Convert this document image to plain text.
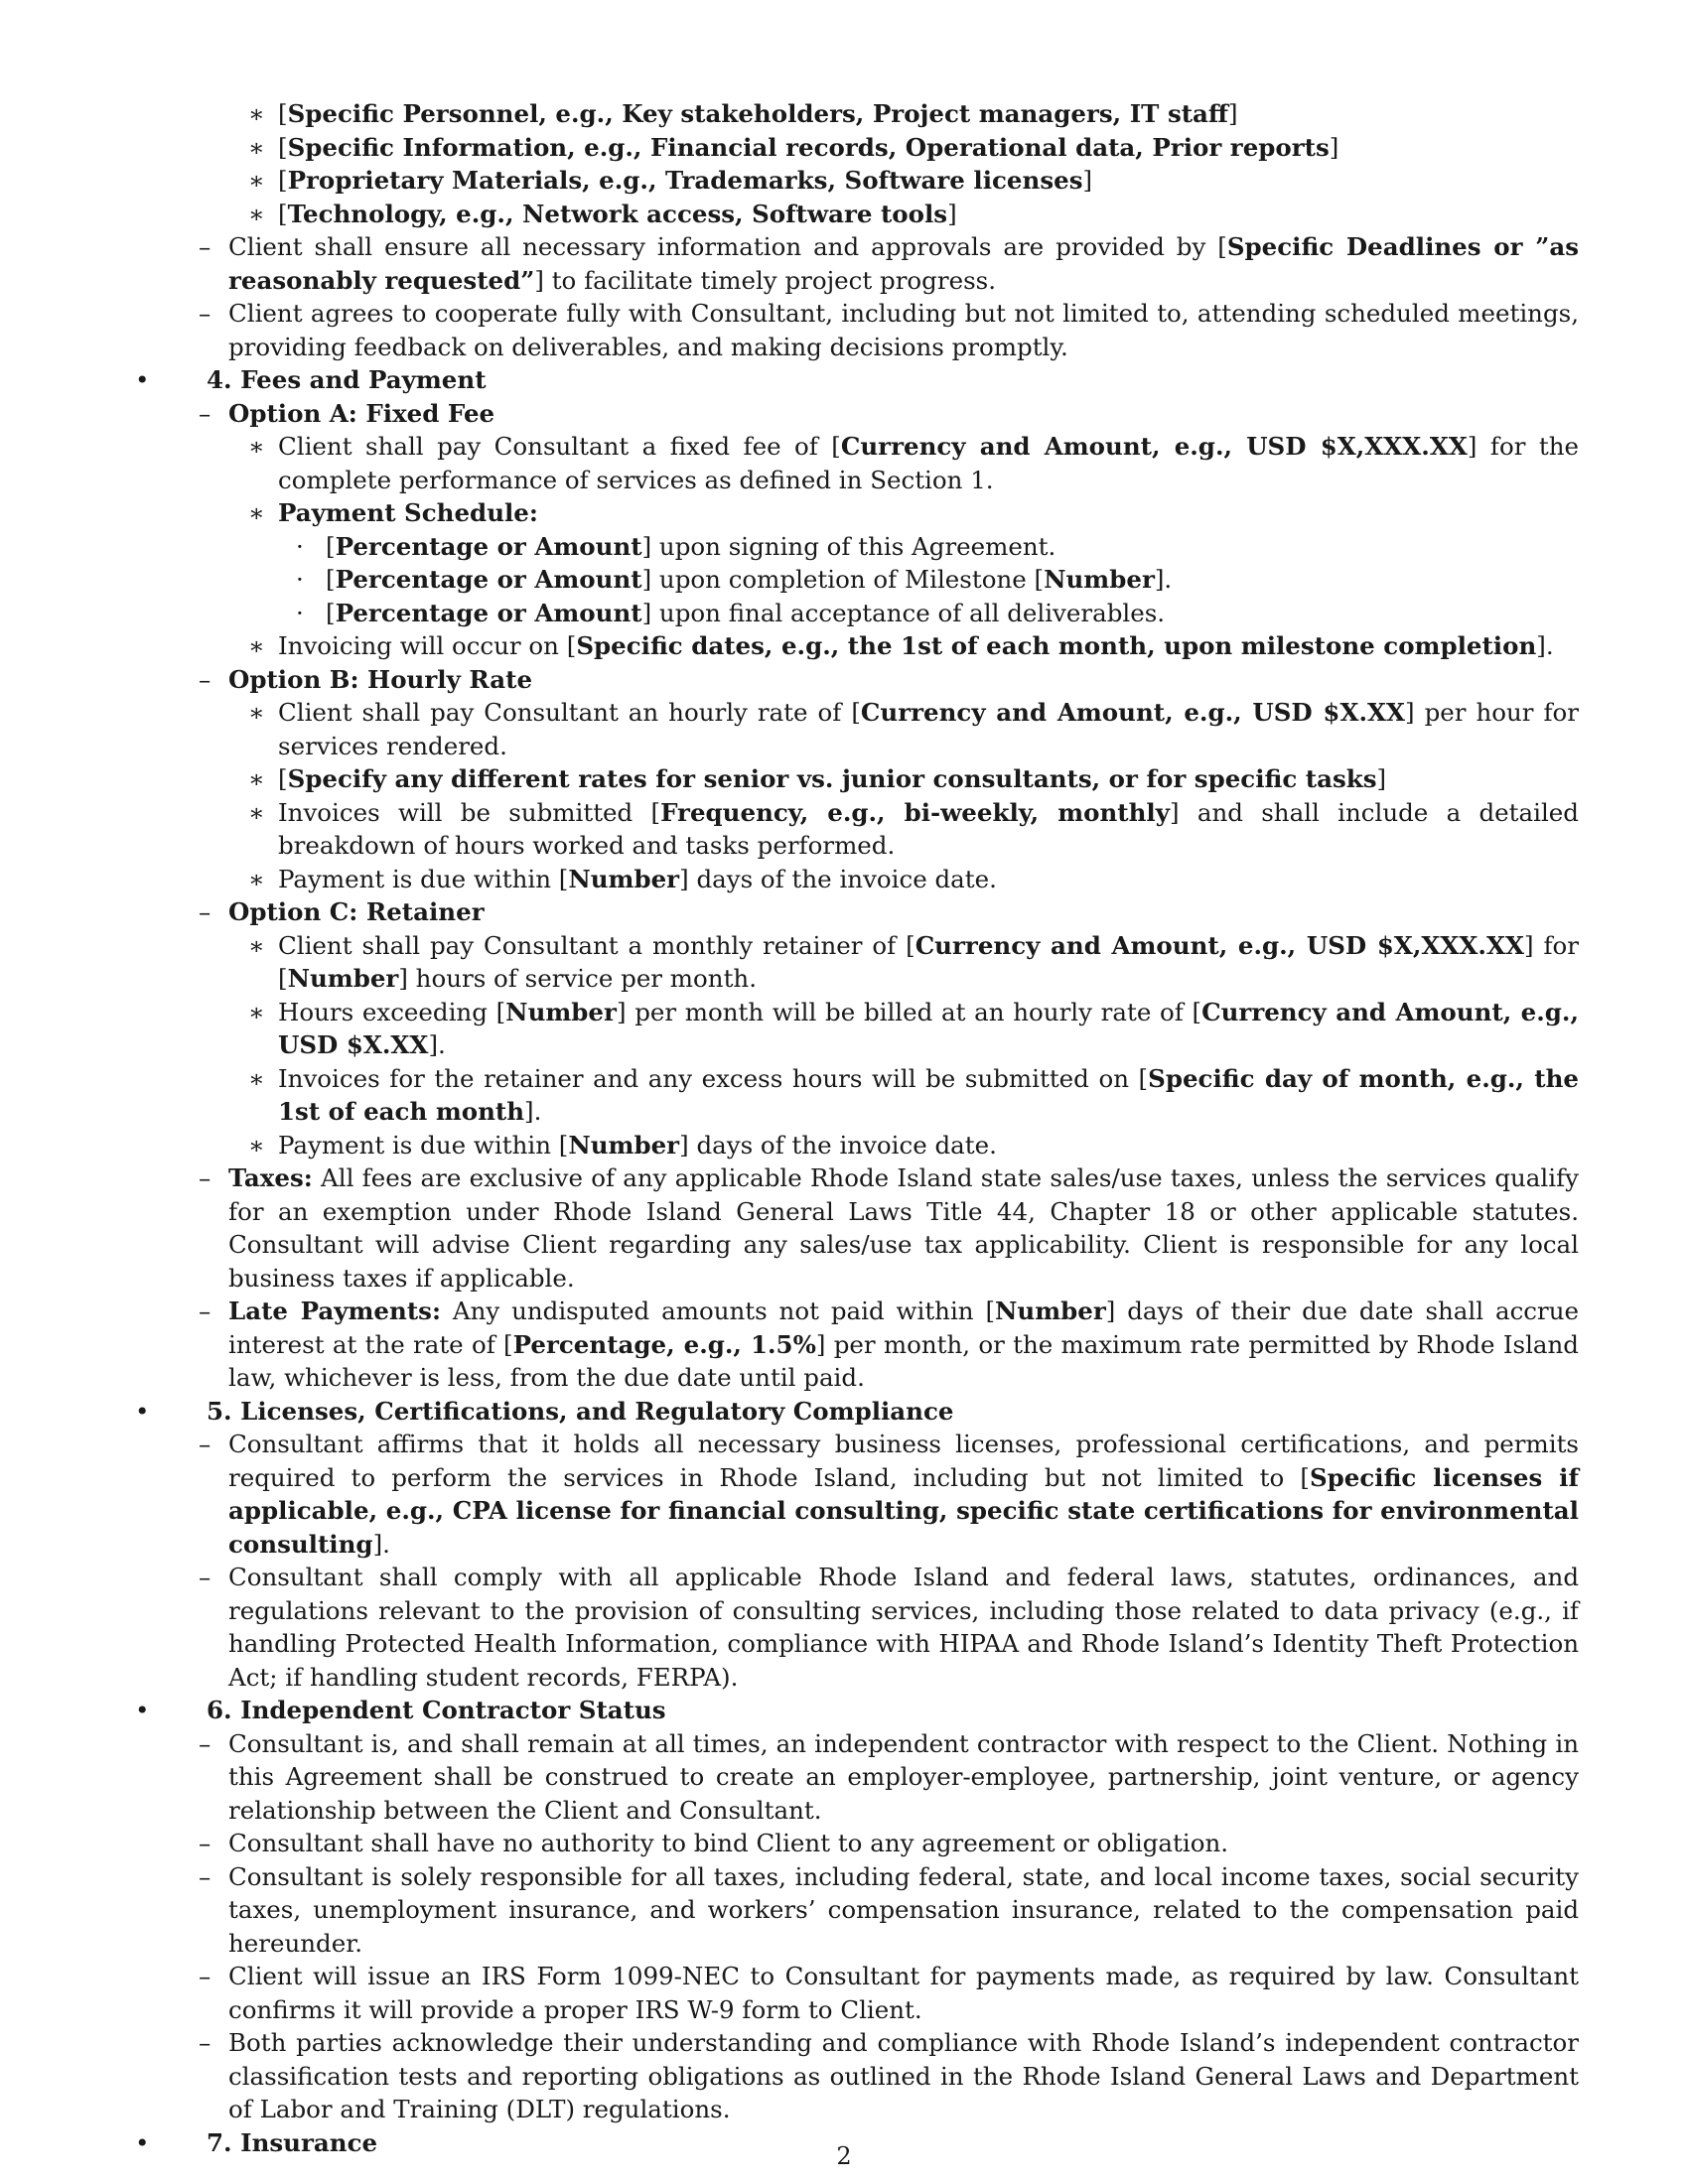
∗ [Specific Personnel, e.g., Key stakeholders, Project managers, IT staff]
∗ [Specific Information, e.g., Financial records, Operational data, Prior reports]
∗ [Proprietary Materials, e.g., Trademarks, Software licenses]
∗ [Technology, e.g., Network access, Software tools]
– Client shall ensure all necessary information and approvals are provided by [Specific Deadlines or ”as reasonably requested”] to facilitate timely project progress.
– Client agrees to cooperate fully with Consultant, including but not limited to, attending scheduled meetings, providing feedback on deliverables, and making decisions promptly.
• 4. Fees and Payment
– Option A: Fixed Fee
∗ Client shall pay Consultant a fixed fee of [Currency and Amount, e.g., USD $X,XXX.XX] for the complete performance of services as defined in Section 1.
∗ Payment Schedule:
· [Percentage or Amount] upon signing of this Agreement.
· [Percentage or Amount] upon completion of Milestone [Number].
· [Percentage or Amount] upon final acceptance of all deliverables.
∗ Invoicing will occur on [Specific dates, e.g., the 1st of each month, upon milestone completion].
– Option B: Hourly Rate
∗ Client shall pay Consultant an hourly rate of [Currency and Amount, e.g., USD $X.XX] per hour for services rendered.
∗ [Specify any different rates for senior vs. junior consultants, or for specific tasks]
∗ Invoices will be submitted [Frequency, e.g., bi-weekly, monthly] and shall include a detailed breakdown of hours worked and tasks performed.
∗ Payment is due within [Number] days of the invoice date.
– Option C: Retainer
∗ Client shall pay Consultant a monthly retainer of [Currency and Amount, e.g., USD $X,XXX.XX] for [Number] hours of service per month.
∗ Hours exceeding [Number] per month will be billed at an hourly rate of [Currency and Amount, e.g., USD $X.XX].
∗ Invoices for the retainer and any excess hours will be submitted on [Specific day of month, e.g., the 1st of each month].
∗ Payment is due within [Number] days of the invoice date.
– Taxes: All fees are exclusive of any applicable Rhode Island state sales/use taxes, unless the services qualify for an exemption under Rhode Island General Laws Title 44, Chapter 18 or other applicable statutes. Consultant will advise Client regarding any sales/use tax applicability. Client is responsible for any local business taxes if applicable.
– Late Payments: Any undisputed amounts not paid within [Number] days of their due date shall accrue interest at the rate of [Percentage, e.g., 1.5%] per month, or the maximum rate permitted by Rhode Island law, whichever is less, from the due date until paid.
• 5. Licenses, Certifications, and Regulatory Compliance
– Consultant affirms that it holds all necessary business licenses, professional certifications, and permits required to perform the services in Rhode Island, including but not limited to [Specific licenses if applicable, e.g., CPA license for financial consulting, specific state certifications for environmental consulting].
– Consultant shall comply with all applicable Rhode Island and federal laws, statutes, ordinances, and regulations relevant to the provision of consulting services, including those related to data privacy (e.g., if handling Protected Health Information, compliance with HIPAA and Rhode Island’s Identity Theft Protection Act; if handling student records, FERPA).
• 6. Independent Contractor Status
– Consultant is, and shall remain at all times, an independent contractor with respect to the Client. Nothing in this Agreement shall be construed to create an employer-employee, partnership, joint venture, or agency relationship between the Client and Consultant.
– Consultant shall have no authority to bind Client to any agreement or obligation.
– Consultant is solely responsible for all taxes, including federal, state, and local income taxes, social security taxes, unemployment insurance, and workers’ compensation insurance, related to the compensation paid hereunder.
– Client will issue an IRS Form 1099-NEC to Consultant for payments made, as required by law. Consultant confirms it will provide a proper IRS W-9 form to Client.
– Both parties acknowledge their understanding and compliance with Rhode Island’s independent contractor classification tests and reporting obligations as outlined in the Rhode Island General Laws and Department of Labor and Training (DLT) regulations.
• 7. Insurance	2
